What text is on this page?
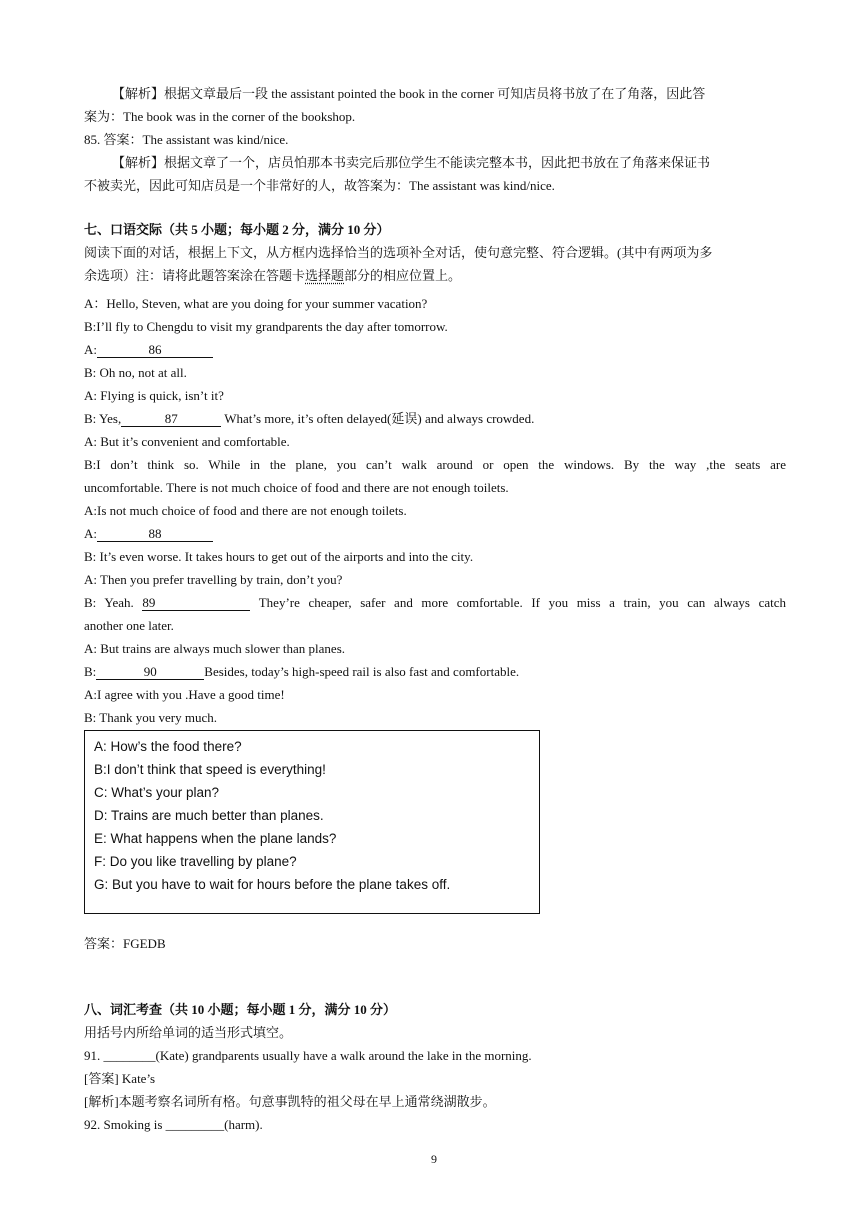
【解析】根据文章最后一段 the assistant pointed the book in the corner 可知店员将书放了在了角落，因此答
案为：The book was in the corner of the bookshop.
85. 答案：The assistant was kind/nice.
【解析】根据文章了一个，店员怕那本书卖完后那位学生不能读完整本书，因此把书放在了角落来保证书
不被卖光，因此可知店员是一个非常好的人，故答案为：The assistant was kind/nice.
七、口语交际（共 5 小题；每小题 2 分，满分 10 分）
阅读下面的对话，根据上下文，从方框内选择恰当的选项补全对话，使句意完整、符合逻辑。(其中有两项为多
余选项）注：请将此题答案涂在答题卡选择题部分的相应位置上。
A：Hello, Steven, what are you doing for your summer vacation?
B:I’ll fly to Chengdu to visit my grandparents the day after tomorrow.
A:	86
B: Oh no, not at all.
A: Flying is quick, isn’t it?
B: Yes,	87	What’s more, it’s often delayed(延误) and always crowded.
A: But it’s convenient and comfortable.
B:I don’t think so. While in the plane, you can’t walk around or open the windows. By the way ,the seats are
uncomfortable. There is not much choice of food and there are not enough toilets.
A:Is not much choice of food and there are not enough toilets.
A:	88
B: It’s even worse. It takes hours to get out of the airports and into the city.
A: Then you prefer travelling by train, don’t you?
B: Yeah. 89	They’re cheaper, safer and more comfortable. If you miss a train, you can always catch
another one later.
A: But trains are always much slower than planes.
B:	90	Besides, today’s high-speed rail is also fast and comfortable.
A:I agree with you .Have a good time!
B: Thank you very much.
答案：FGEDB
八、词汇考查（共 10 小题；每小题 1 分，满分 10 分）
用括号内所给单词的适当形式填空。
91. ________(Kate) grandparents usually have a walk around the lake in the morning.
[答案] Kate’s
[解析]本题考察名词所有格。句意事凯特的祖父母在早上通常绕湖散步。
92. Smoking is _________(harm).
A: How’s the food there?
B:I don’t think that speed is everything!
C: What’s your plan?
D: Trains are much better than planes.
E: What happens when the plane lands?
F: Do you like travelling by plane?
G: But you have to wait for hours before the plane takes off.
9
